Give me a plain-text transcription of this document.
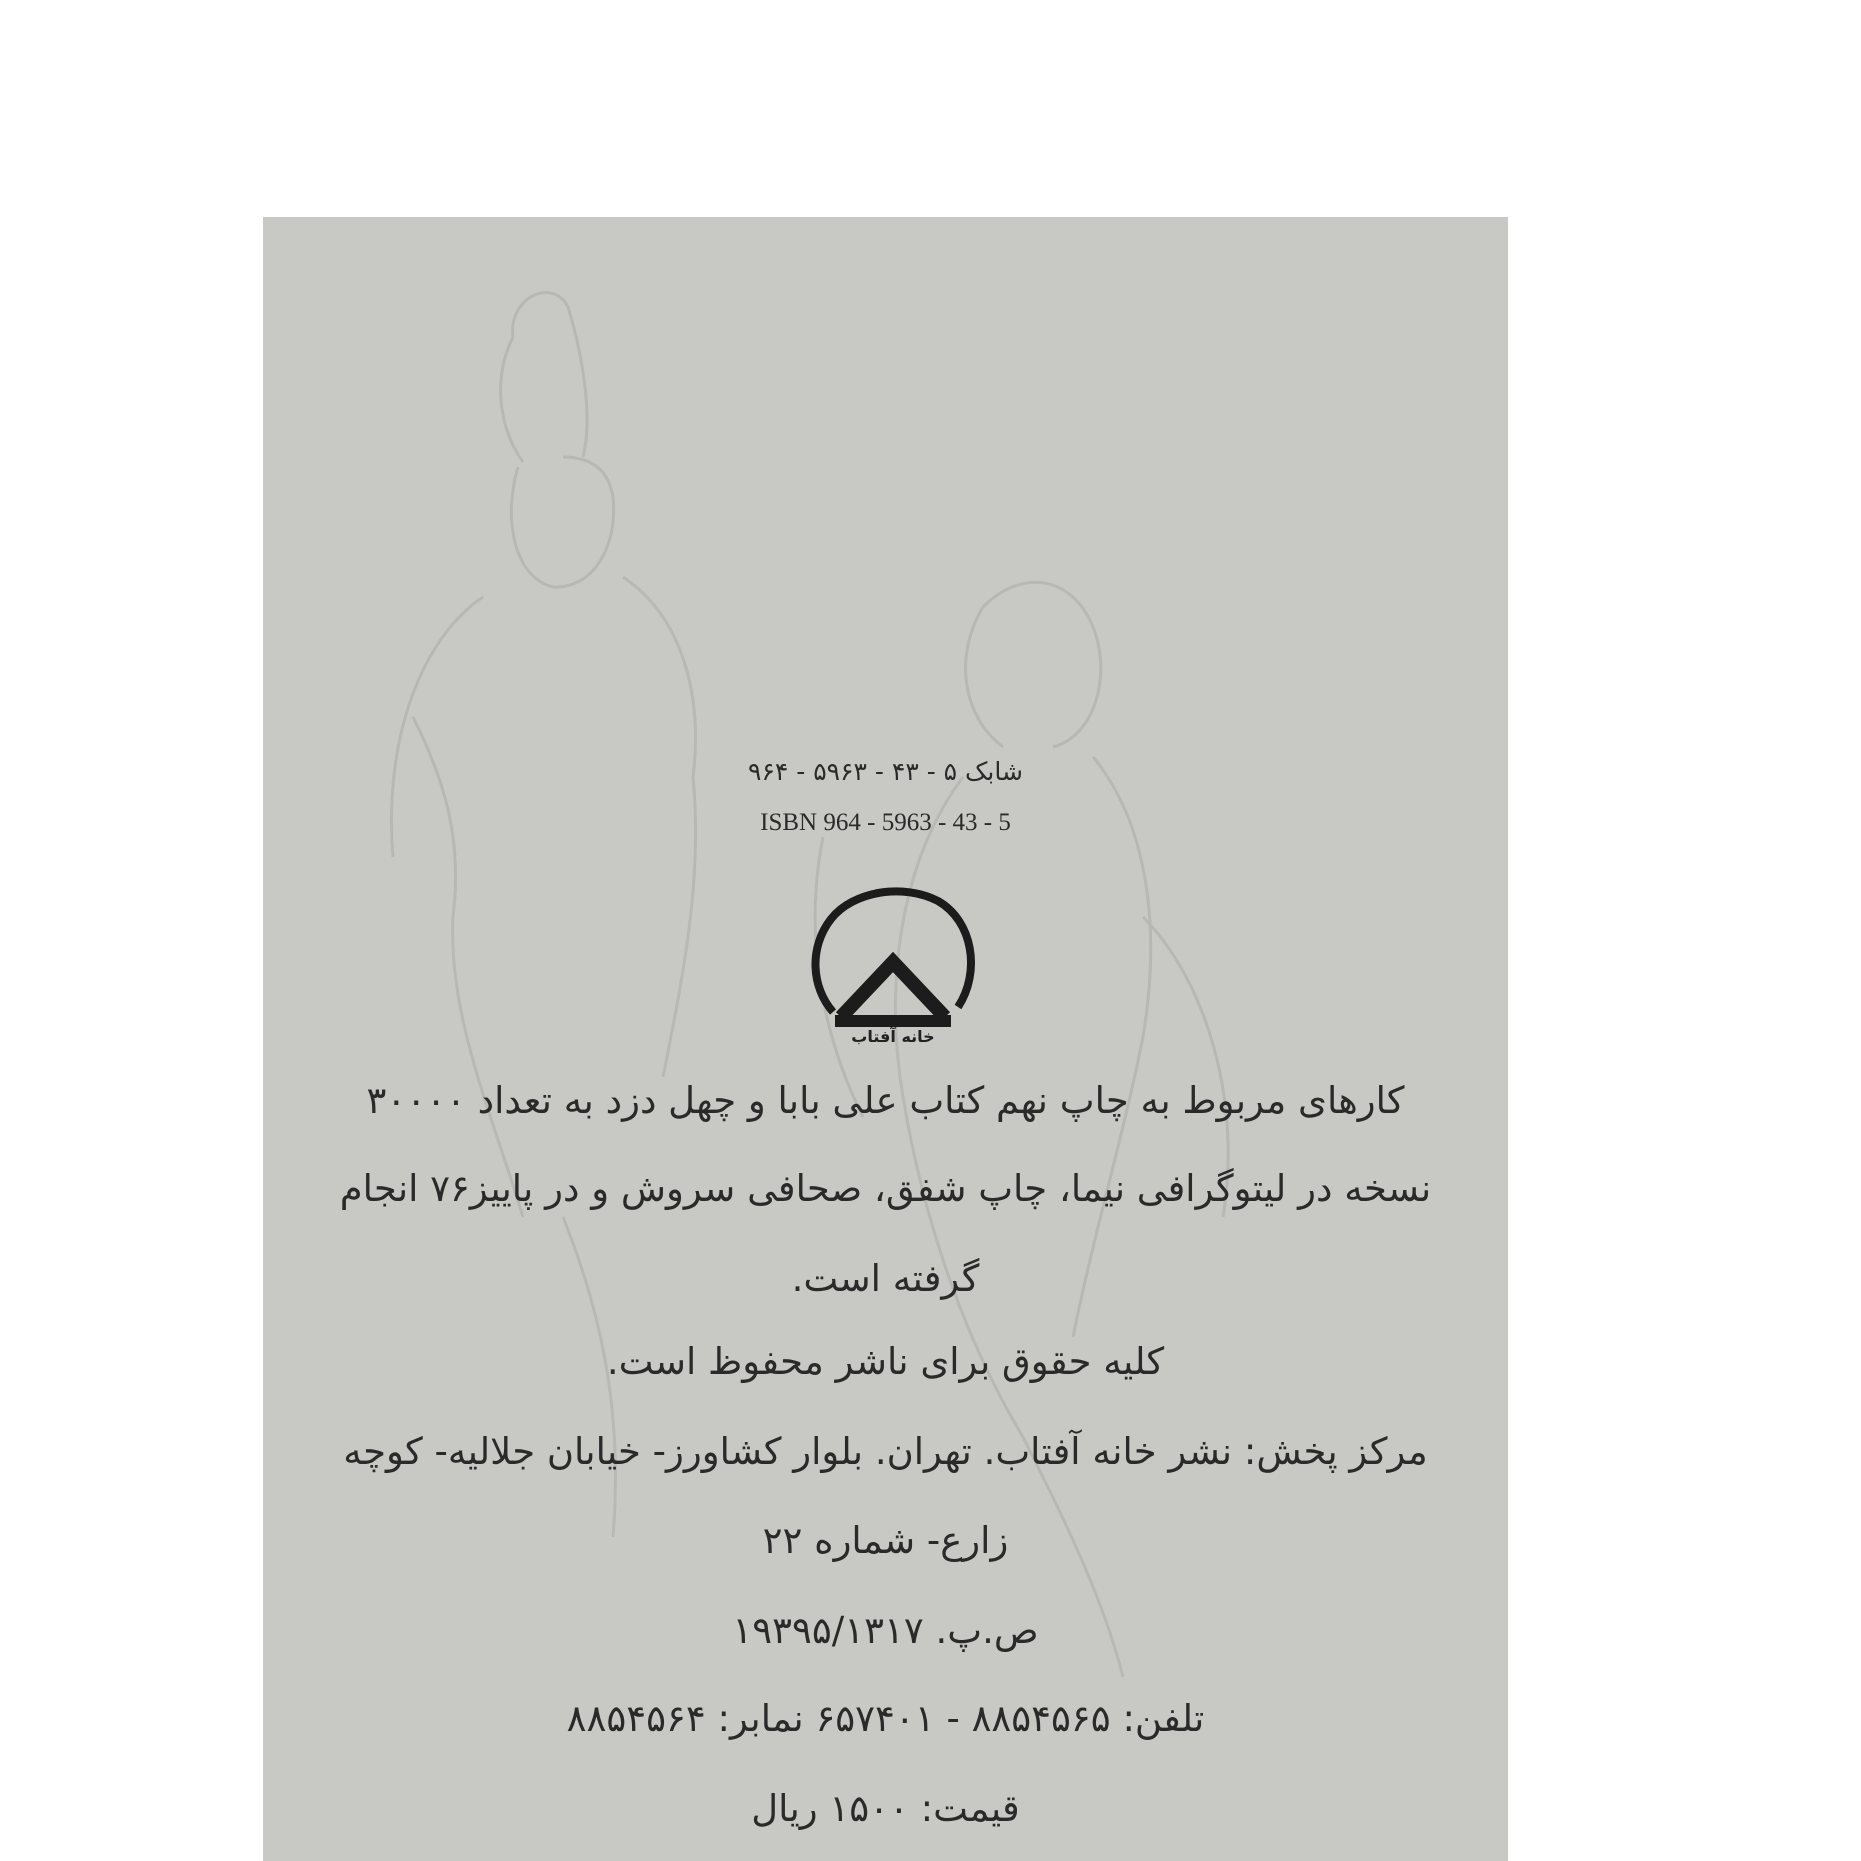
شابک ۵ - ۴۳ - ۵۹۶۳ - ۹۶۴
ISBN 964 - 5963 - 43 - 5
خانه آفتاب
کارهای مربوط به چاپ نهم کتاب علی بابا و چهل دزد به تعداد ۳۰۰۰۰
نسخه در لیتوگرافی نیما، چاپ شفق، صحافی سروش و در پاییز۷۶ انجام
گرفته است.
کلیه حقوق برای ناشر محفوظ است.
مرکز پخش: نشر خانه آفتاب. تهران. بلوار کشاورز- خیابان جلالیه- کوچه
زارع- شماره ۲۲
ص.پ. ۱۹۳۹۵/۱۳۱۷
تلفن: ۸۸۵۴۵۶۵ - ۶۵۷۴۰۱ نمابر: ۸۸۵۴۵۶۴
قیمت: ۱۵۰۰ ریال
